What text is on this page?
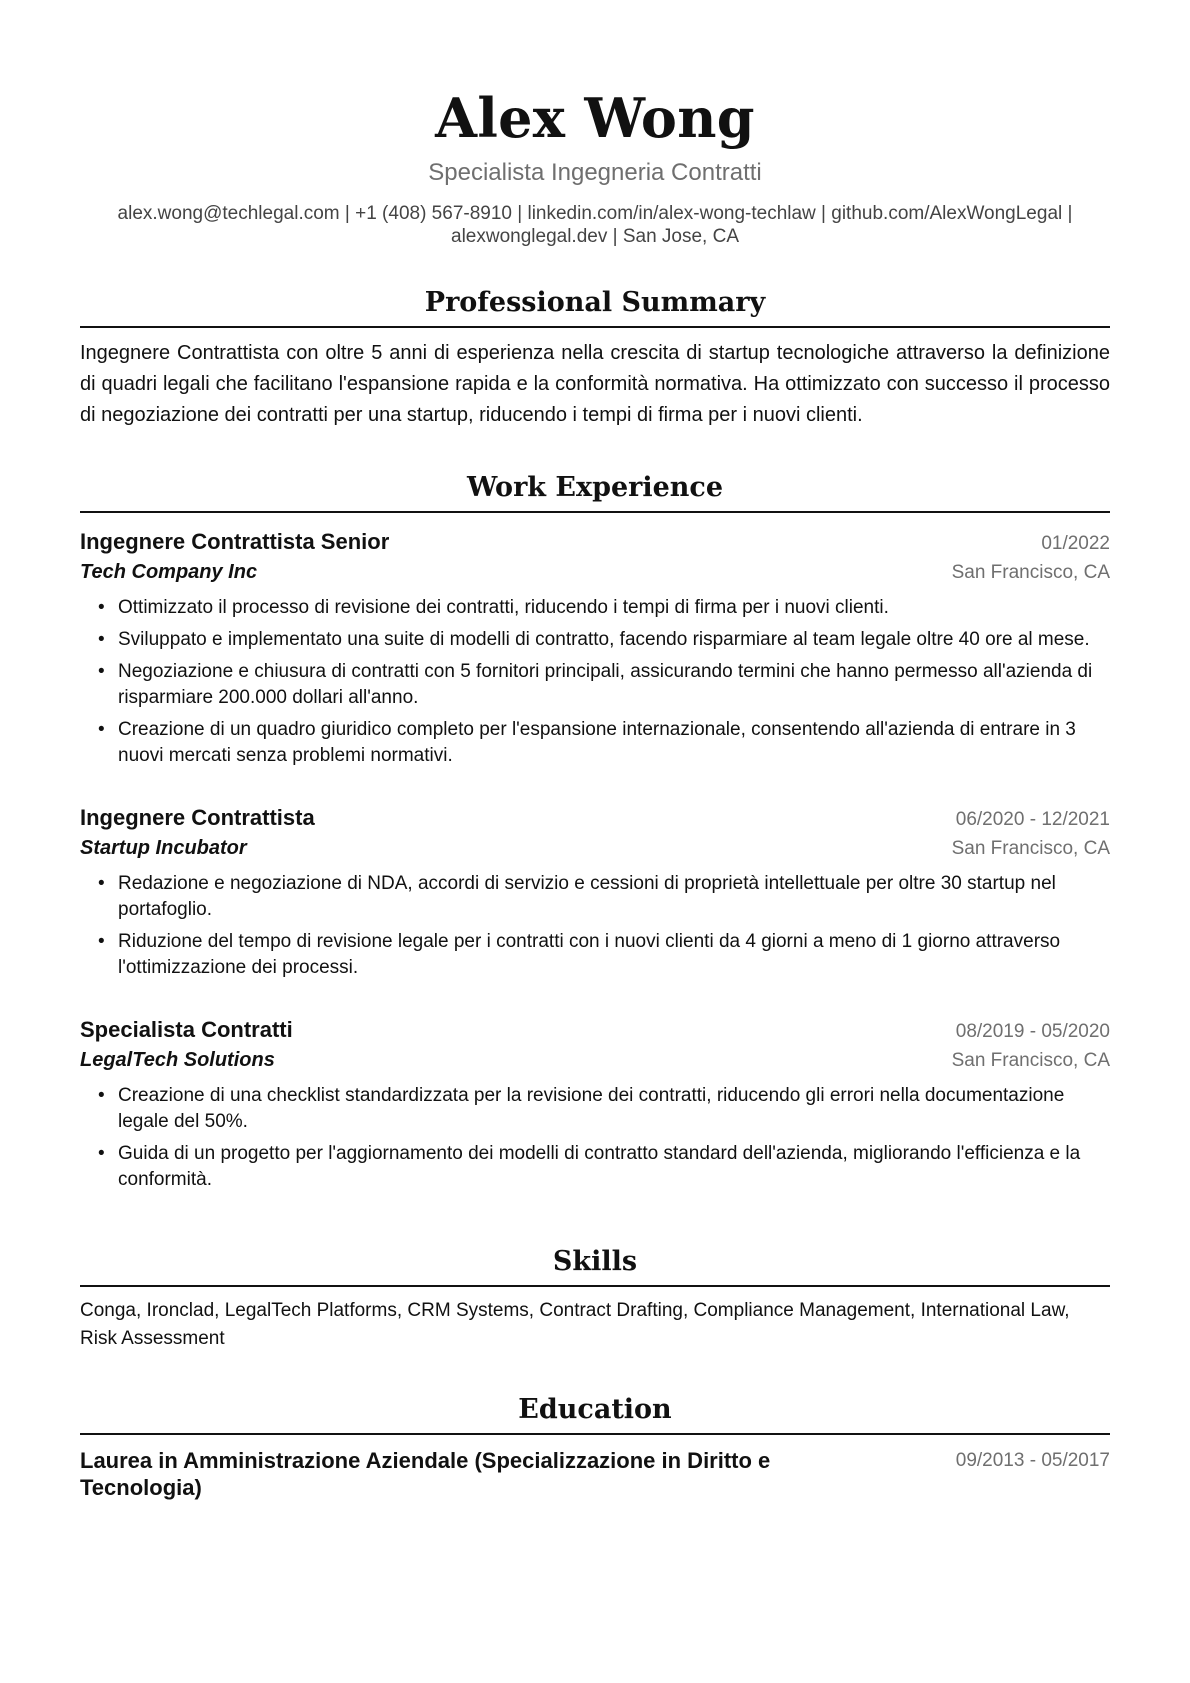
Alex Wong
Specialista Ingegneria Contratti
alex.wong@techlegal.com | +1 (408) 567-8910 | linkedin.com/in/alex-wong-techlaw | github.com/AlexWongLegal |
alexwonglegal.dev | San Jose, CA
Professional Summary
Ingegnere Contrattista con oltre 5 anni di esperienza nella crescita di startup tecnologiche attraverso la definizione di quadri legali che facilitano l'espansione rapida e la conformità normativa. Ha ottimizzato con successo il processo di negoziazione dei contratti per una startup, riducendo i tempi di firma per i nuovi clienti.
Work Experience
Ingegnere Contrattista Senior	01/2022
Tech Company Inc	San Francisco, CA
• Ottimizzato il processo di revisione dei contratti, riducendo i tempi di firma per i nuovi clienti.
• Sviluppato e implementato una suite di modelli di contratto, facendo risparmiare al team legale oltre 40 ore al mese.
• Negoziazione e chiusura di contratti con 5 fornitori principali, assicurando termini che hanno permesso all'azienda di risparmiare 200.000 dollari all'anno.
• Creazione di un quadro giuridico completo per l'espansione internazionale, consentendo all'azienda di entrare in 3 nuovi mercati senza problemi normativi.
Ingegnere Contrattista	06/2020 - 12/2021
Startup Incubator	San Francisco, CA
• Redazione e negoziazione di NDA, accordi di servizio e cessioni di proprietà intellettuale per oltre 30 startup nel portafoglio.
• Riduzione del tempo di revisione legale per i contratti con i nuovi clienti da 4 giorni a meno di 1 giorno attraverso l'ottimizzazione dei processi.
Specialista Contratti	08/2019 - 05/2020
LegalTech Solutions	San Francisco, CA
• Creazione di una checklist standardizzata per la revisione dei contratti, riducendo gli errori nella documentazione legale del 50%.
• Guida di un progetto per l'aggiornamento dei modelli di contratto standard dell'azienda, migliorando l'efficienza e la conformità.
Skills
Conga, Ironclad, LegalTech Platforms, CRM Systems, Contract Drafting, Compliance Management, International Law, Risk Assessment
Education
Laurea in Amministrazione Aziendale (Specializzazione in Diritto e Tecnologia)
09/2013 - 05/2017
